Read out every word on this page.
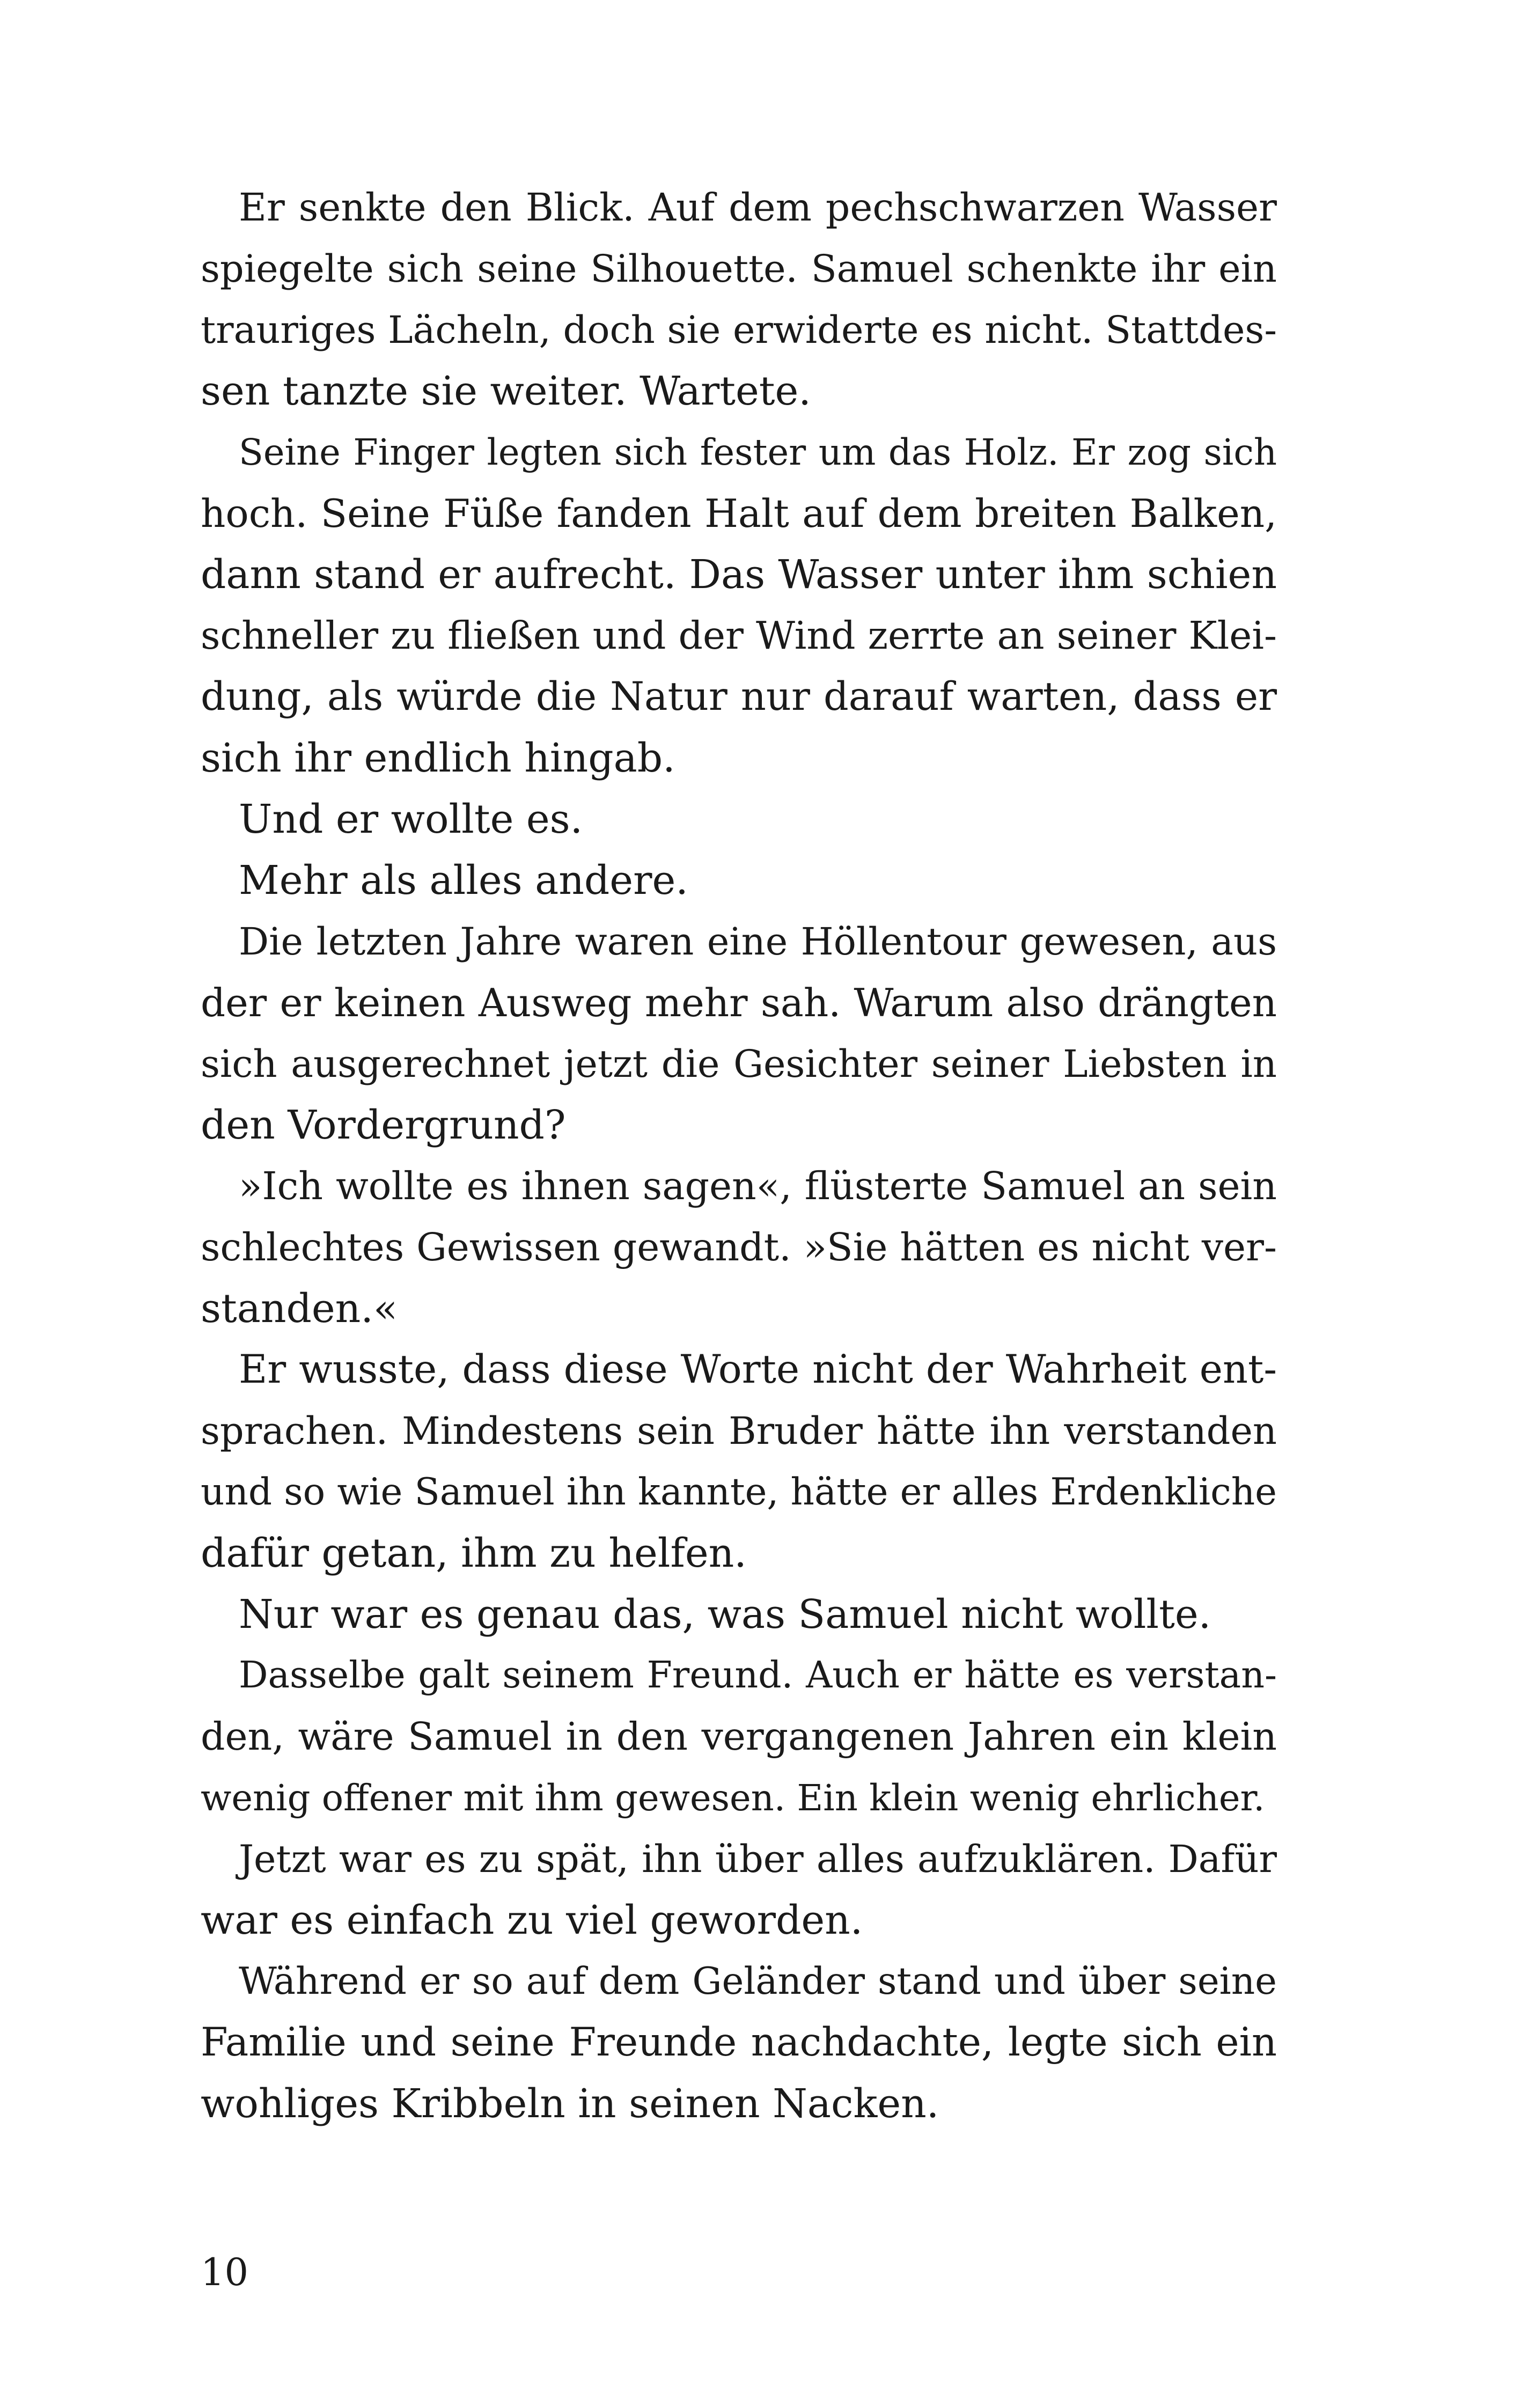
Er senkte den Blick. Auf dem pechschwarzen Wasser
spiegelte sich seine Silhouette. Samuel schenkte ihr ein
trauriges Lächeln, doch sie erwiderte es nicht. Stattdes-
sen tanzte sie weiter. Wartete.
Seine Finger legten sich fester um das Holz. Er zog sich
hoch. Seine Füße fanden Halt auf dem breiten Balken,
dann stand er aufrecht. Das Wasser unter ihm schien
schneller zu fließen und der Wind zerrte an seiner Klei-
dung, als würde die Natur nur darauf warten, dass er
sich ihr endlich hingab.
Und er wollte es.
Mehr als alles andere.
Die letzten Jahre waren eine Höllentour gewesen, aus
der er keinen Ausweg mehr sah. Warum also drängten
sich ausgerechnet jetzt die Gesichter seiner Liebsten in
den Vordergrund?
»Ich wollte es ihnen sagen«, flüsterte Samuel an sein
schlechtes Gewissen gewandt. »Sie hätten es nicht ver-
standen.«
Er wusste, dass diese Worte nicht der Wahrheit ent-
sprachen. Mindestens sein Bruder hätte ihn verstanden
und so wie Samuel ihn kannte, hätte er alles Erdenkliche
dafür getan, ihm zu helfen.
Nur war es genau das, was Samuel nicht wollte.
Dasselbe galt seinem Freund. Auch er hätte es verstan-
den, wäre Samuel in den vergangenen Jahren ein klein
wenig offener mit ihm gewesen. Ein klein wenig ehrlicher.
Jetzt war es zu spät, ihn über alles aufzuklären. Dafür
war es einfach zu viel geworden.
Während er so auf dem Geländer stand und über seine
Familie und seine Freunde nachdachte, legte sich ein
wohliges Kribbeln in seinen Nacken.
10
